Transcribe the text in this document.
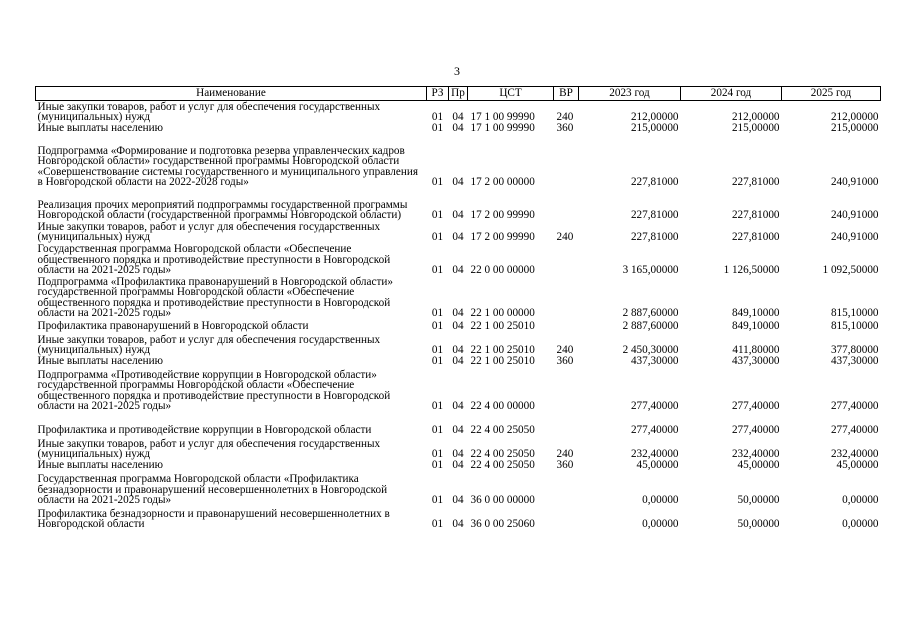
3
Наименование	РЗ	Пр	ЦСТ	ВР	2023 год	2024 год	2025 год
Иные закупки товаров, работ и услуг для обеспечения государственных (муниципальных) нужд	01	04	17 1 00 99990	240	212,00000	212,00000	212,00000
Иные выплаты населению	01	04	17 1 00 99990	360	215,00000	215,00000	215,00000
Подпрограмма «Формирование и подготовка резерва управленческих кадров Новгородской области» государственной программы Новгородской области «Совершенствование системы государственного и муниципального управления в Новгородской области на 2022-2028 годы»	01	04	17 2 00 00000		227,81000	227,81000	240,91000
Реализация прочих мероприятий подпрограммы государственной программы Новгородской области (государственной программы Новгородской области)	01	04	17 2 00 99990		227,81000	227,81000	240,91000
Иные закупки товаров, работ и услуг для обеспечения государственных (муниципальных) нужд	01	04	17 2 00 99990	240	227,81000	227,81000	240,91000
Государственная программа Новгородской области «Обеспечение общественного порядка и противодействие преступности в Новгородской области на 2021-2025 годы»	01	04	22 0 00 00000		3 165,00000	1 126,50000	1 092,50000
Подпрограмма «Профилактика правонарушений в Новгородской области» государственной программы Новгородской области «Обеспечение общественного порядка и противодействие преступности в Новгородской области на 2021-2025 годы»	01	04	22 1 00 00000		2 887,60000	849,10000	815,10000
Профилактика правонарушений в Новгородской области	01	04	22 1 00 25010		2 887,60000	849,10000	815,10000
Иные закупки товаров, работ и услуг для обеспечения государственных (муниципальных) нужд	01	04	22 1 00 25010	240	2 450,30000	411,80000	377,80000
Иные выплаты населению	01	04	22 1 00 25010	360	437,30000	437,30000	437,30000
Подпрограмма «Противодействие коррупции в Новгородской области» государственной программы Новгородской области «Обеспечение общественного порядка и противодействие преступности в Новгородской области на 2021-2025 годы»	01	04	22 4 00 00000		277,40000	277,40000	277,40000
Профилактика и противодействие коррупции в Новгородской области	01	04	22 4 00 25050		277,40000	277,40000	277,40000
Иные закупки товаров, работ и услуг для обеспечения государственных (муниципальных) нужд	01	04	22 4 00 25050	240	232,40000	232,40000	232,40000
Иные выплаты населению	01	04	22 4 00 25050	360	45,00000	45,00000	45,00000
Государственная программа Новгородской области «Профилактика безнадзорности и правонарушений несовершеннолетних в Новгородской области на 2021-2025 годы»	01	04	36 0 00 00000		0,00000	50,00000	0,00000
Профилактика безнадзорности и правонарушений несовершеннолетних в Новгородской области	01	04	36 0 00 25060		0,00000	50,00000	0,00000
